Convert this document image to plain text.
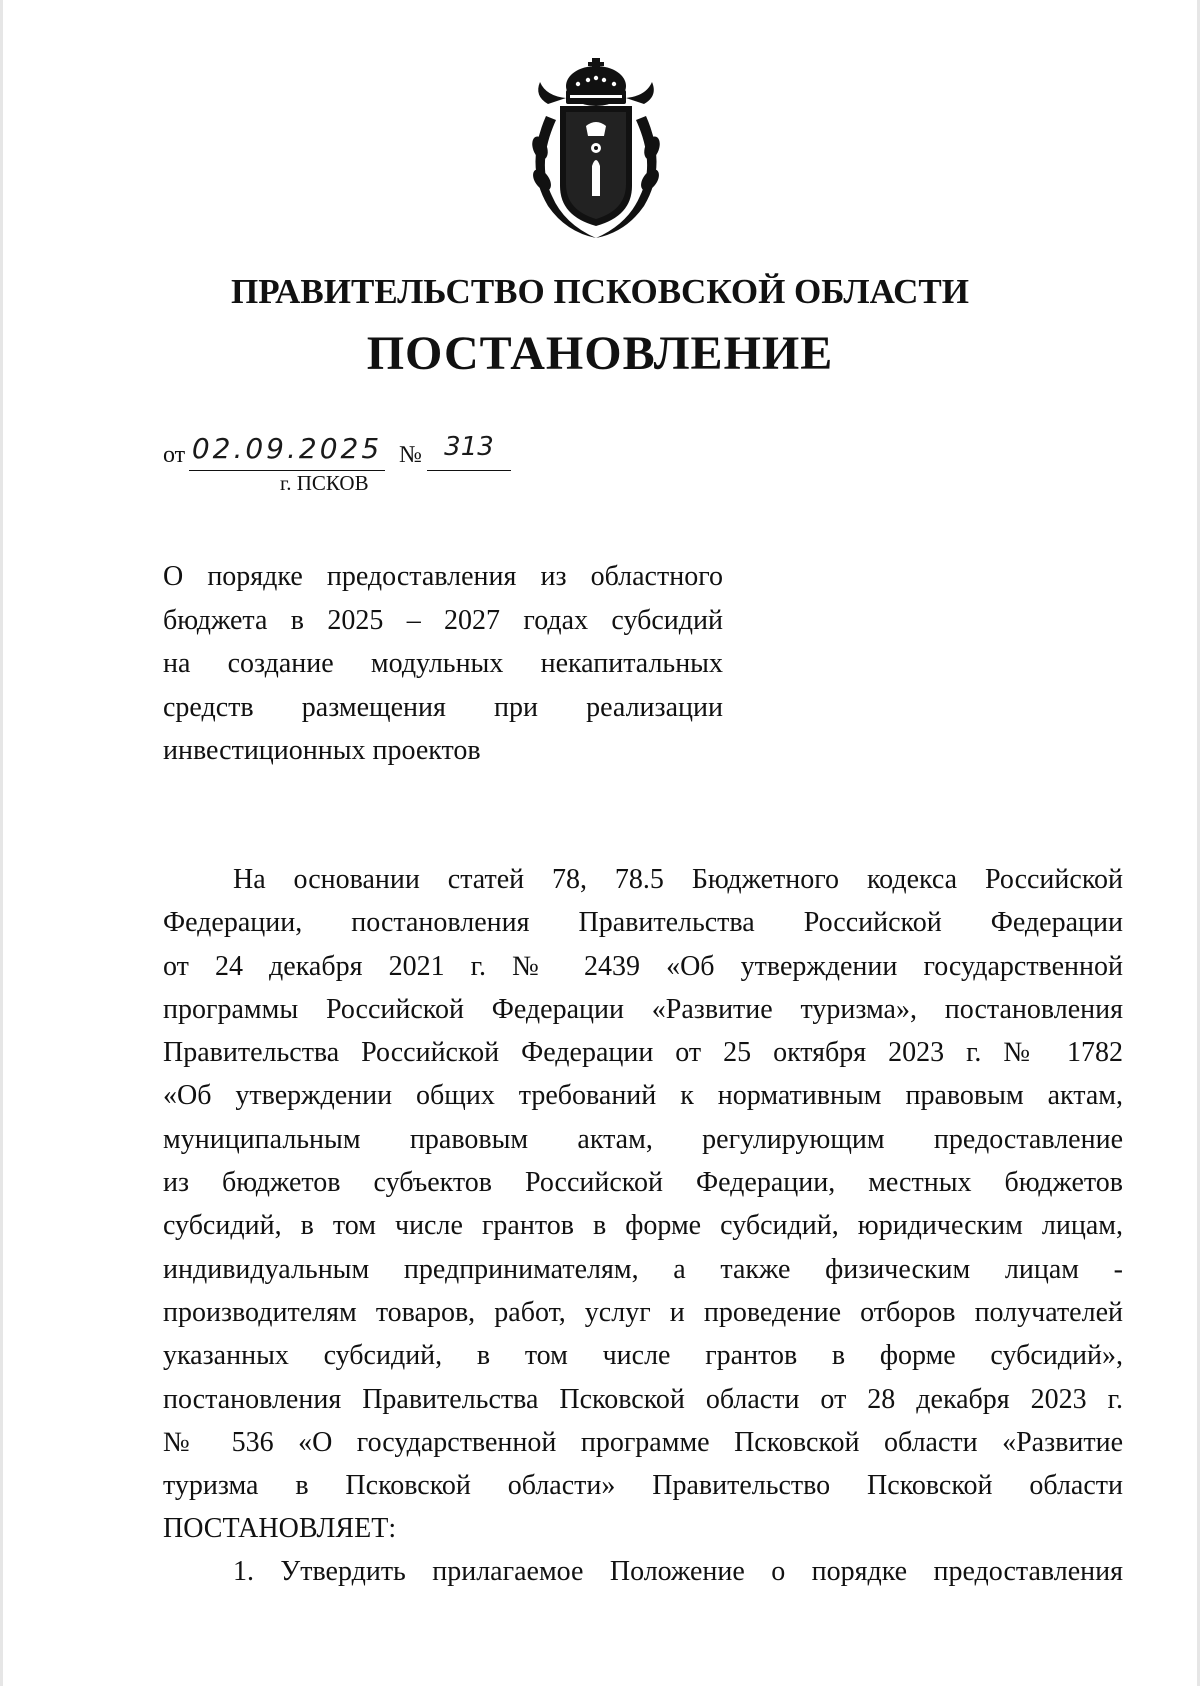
ПРАВИТЕЛЬСТВО ПСКОВСКОЙ ОБЛАСТИ
ПОСТАНОВЛЕНИЕ
от 02.09.2025 № 313
г. ПСКОВ
О порядке предоставления из областного
бюджета в 2025 – 2027 годах субсидий
на создание модульных некапитальных
средств размещения при реализации
инвестиционных проектов
На основании статей 78, 78.5 Бюджетного кодекса Российской
Федерации, постановления Правительства Российской Федерации
от 24 декабря 2021 г. № 2439 «Об утверждении государственной
программы Российской Федерации «Развитие туризма», постановления
Правительства Российской Федерации от 25 октября 2023 г. № 1782
«Об утверждении общих требований к нормативным правовым актам,
муниципальным правовым актам, регулирующим предоставление
из бюджетов субъектов Российской Федерации, местных бюджетов
субсидий, в том числе грантов в форме субсидий, юридическим лицам,
индивидуальным предпринимателям, а также физическим лицам -
производителям товаров, работ, услуг и проведение отборов получателей
указанных субсидий, в том числе грантов в форме субсидий»,
постановления Правительства Псковской области от 28 декабря 2023 г.
№ 536 «О государственной программе Псковской области «Развитие
туризма в Псковской области» Правительство Псковской области
ПОСТАНОВЛЯЕТ:
1. Утвердить прилагаемое Положение о порядке предоставления
